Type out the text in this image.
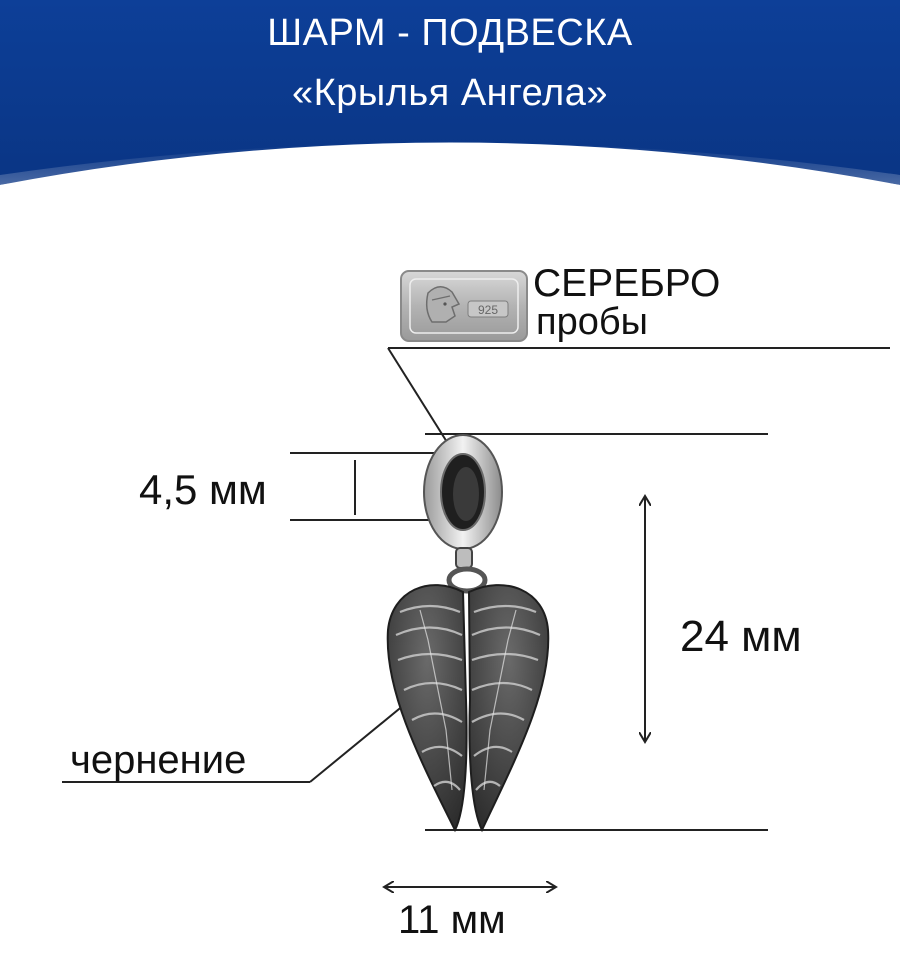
ШАРМ - ПОДВЕСКА
«Крылья Ангела»
925
СЕРЕБРО
пробы
4,5 мм
24 мм
чернение
11 мм
